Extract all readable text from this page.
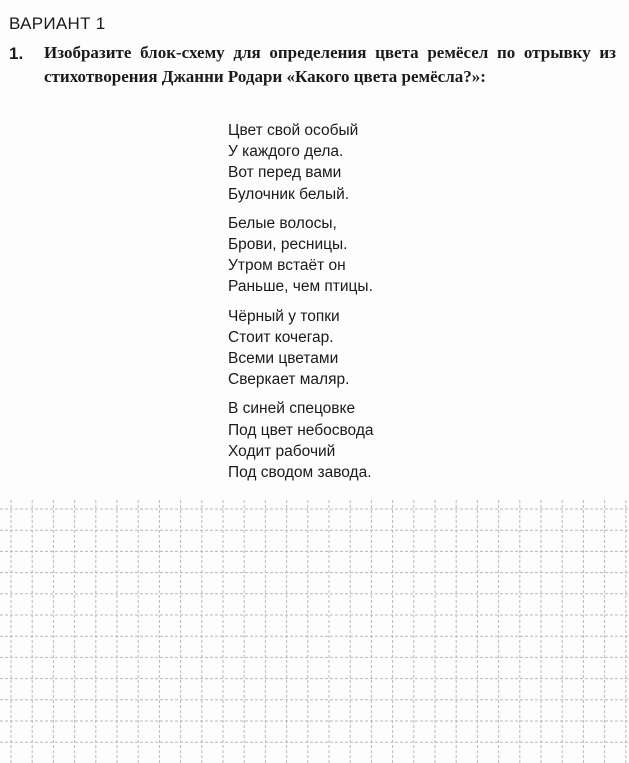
ВАРИАНТ 1
1. Изобразите блок-схему для определения цвета ремёсел по отрывку из стихотворения Джанни Родари «Какого цвета ремёсла?»:
Цвет свой особый
У каждого дела.
Вот перед вами
Булочник белый.
Белые волосы,
Брови, ресницы.
Утром встаёт он
Раньше, чем птицы.
Чёрный у топки
Стоит кочегар.
Всеми цветами
Сверкает маляр.
В синей спецовке
Под цвет небосвода
Ходит рабочий
Под сводом завода.
